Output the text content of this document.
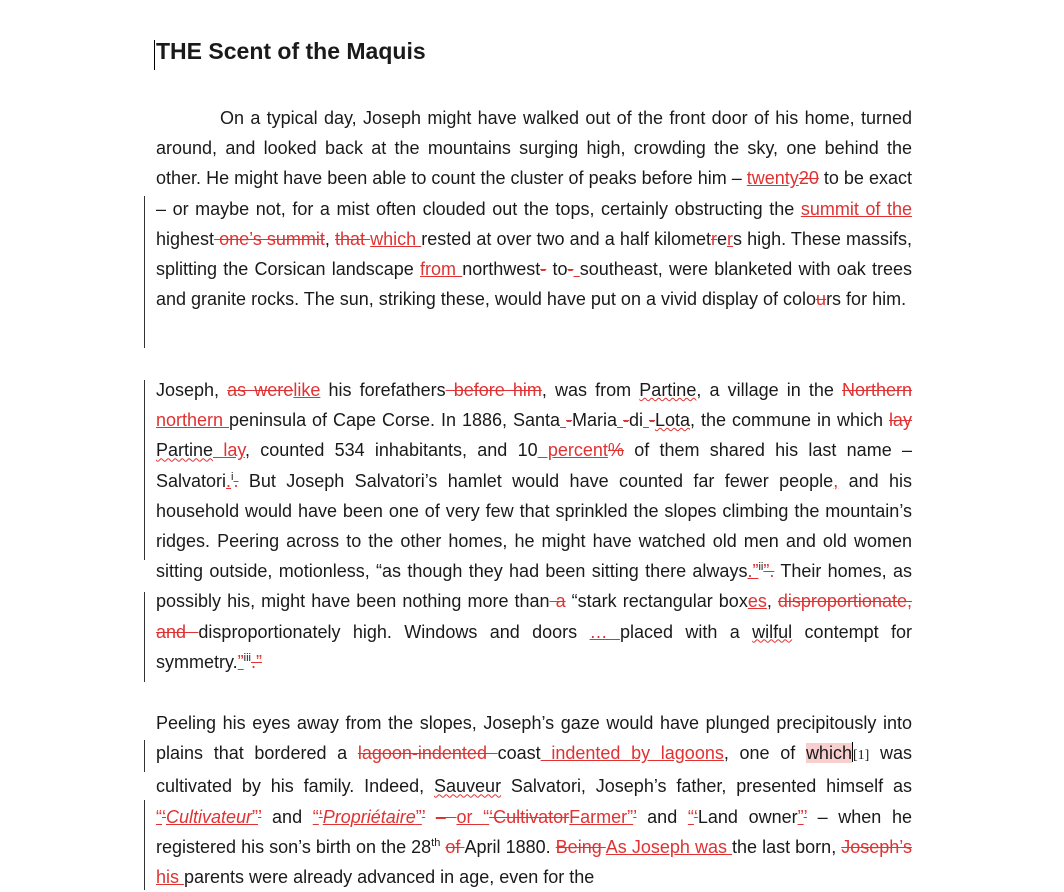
THE Scent of the Maquis

On a typical day, Joseph might have walked out of the front door of his home, turned around, and looked back at the mountains surging high, crowding the sky, one behind the other. He might have been able to count the cluster of peaks before him – twenty20 to be exact – or maybe not, for a mist often clouded out the tops, certainly obstructing the summit of the highest one’s summit, that which rested at over two and a half kilometrers high. These massifs, splitting the Corsican landscape from northwest- to- southeast, were blanketed with oak trees and granite rocks. The sun, striking these, would have put on a vivid display of colours for him.

Joseph, as werelike his forefathers before him, was from Partine, a village in the Northern northern peninsula of Cape Corse. In 1886, Santa -Maria -di -Lota, the commune in which lay Partine lay, counted 534 inhabitants, and 10 percent% of them shared his last name – Salvatori.$^i$. But Joseph Salvatori’s hamlet would have counted far fewer people, and his household would have been one of very few that sprinkled the slopes climbing the mountain’s ridges. Peering across to the other homes, he might have watched old men and old women sitting outside, motionless, “as though they had been sitting there always.”$^{ii}$”. Their homes, as possibly his, might have been nothing more than a “stark rectangular boxes, disproportionate, and disproportionately high. Windows and doors … placed with a wilful contempt for symmetry.”$^{iii}$.”

Peeling his eyes away from the slopes, Joseph’s gaze would have plunged precipitously into plains that bordered a lagoon-indented coast indented by lagoons, one of which[1] was cultivated by his family. Indeed, Sauveur Salvatori, Joseph’s father, presented himself as “‘Cultivateur”’ and “‘Propriétaire”’ – or “‘CultivatorFarmer”’ and “‘Land owner”’ – when he registered his son’s birth on the 28th of April 1880. Being As Joseph was the last born, Joseph’s his parents were already advanced in age, even for the
